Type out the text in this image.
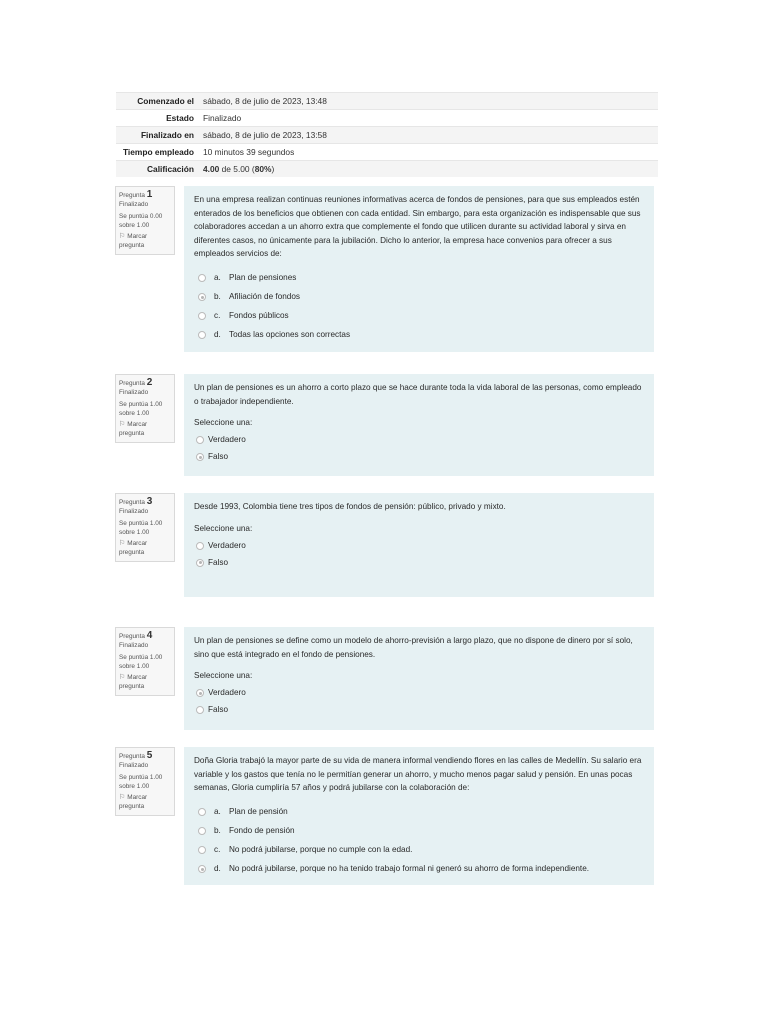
Comenzado el	sábado, 8 de julio de 2023, 13:48
Estado	Finalizado
Finalizado en	sábado, 8 de julio de 2023, 13:58
Tiempo empleado	10 minutos 39 segundos
Calificación	4.00 de 5.00 (80%)
Pregunta 1
Finalizado
Se puntúa 0.00 sobre 1.00
⚐ Marcar pregunta

En una empresa realizan continuas reuniones informativas acerca de fondos de pensiones, para que sus empleados estén enterados de los beneficios que obtienen con cada entidad. Sin embargo, para esta organización es indispensable que sus colaboradores accedan a un ahorro extra que complemente el fondo que utilicen durante su actividad laboral y sirva en diferentes casos, no únicamente para la jubilación. Dicho lo anterior, la empresa hace convenios para ofrecer a sus empleados servicios de:

a. Plan de pensiones
b. Afiliación de fondos
c.	Fondos públicos
d. Todas las opciones son correctas
Pregunta 2
Finalizado
Se puntúa 1.00 sobre 1.00
⚐ Marcar pregunta

Un plan de pensiones es un ahorro a corto plazo que se hace durante toda la vida laboral de las personas, como empleado o trabajador independiente.

Seleccione una:

Verdadero
Falso
Pregunta 3
Finalizado
Se puntúa 1.00 sobre 1.00
⚐ Marcar pregunta

Desde 1993, Colombia tiene tres tipos de fondos de pensión: público, privado y mixto.

Seleccione una:

Verdadero
Falso
Pregunta 4
Finalizado
Se puntúa 1.00 sobre 1.00
⚐ Marcar pregunta

Un plan de pensiones se define como un modelo de ahorro-previsión a largo plazo, que no dispone de dinero por sí solo, sino que está integrado en el fondo de pensiones.

Seleccione una:

Verdadero
Falso
Pregunta 5
Finalizado
Se puntúa 1.00 sobre 1.00
⚐ Marcar pregunta

Doña Gloria trabajó la mayor parte de su vida de manera informal vendiendo flores en las calles de Medellín. Su salario era variable y los gastos que tenía no le permitían generar un ahorro, y mucho menos pagar salud y pensión. En unas pocas semanas, Gloria cumpliría 57 años y podrá jubilarse con la colaboración de:

a. Plan de pensión
b. Fondo de pensión
c.	No podrá jubilarse, porque no cumple con la edad.
d. No podrá jubilarse, porque no ha tenido trabajo formal ni generó su ahorro de forma independiente.
